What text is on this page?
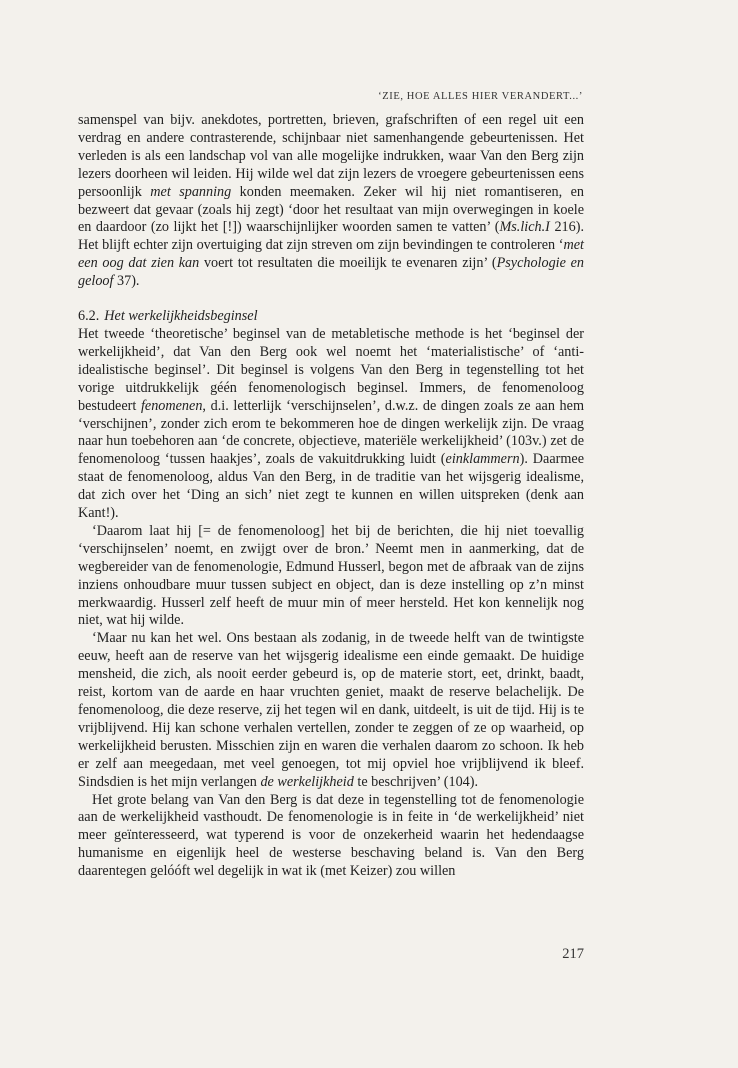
‘ZIE, HOE ALLES HIER VERANDERT...’

samenspel van bijv. anekdotes, portretten, brieven, grafschriften of een regel uit een verdrag en andere contrasterende, schijnbaar niet samenhangende gebeurtenissen. Het verleden is als een landschap vol van alle mogelijke indrukken, waar Van den Berg zijn lezers doorheen wil leiden. Hij wilde wel dat zijn lezers de vroegere gebeurtenissen eens persoonlijk met spanning konden meemaken. Zeker wil hij niet romantiseren, en bezweert dat gevaar (zoals hij zegt) ‘door het resultaat van mijn overwegingen in koele en daardoor (zo lijkt het [!]) waarschijnlijker woorden samen te vatten’ (Ms.lich.I 216). Het blijft echter zijn overtuiging dat zijn streven om zijn bevindingen te controleren ‘met een oog dat zien kan voert tot resultaten die moeilijk te evenaren zijn’ (Psychologie en geloof 37).

6.2. Het werkelijkheidsbeginsel

Het tweede ‘theoretische’ beginsel van de metabletische methode is het ‘beginsel der werkelijkheid’, dat Van den Berg ook wel noemt het ‘materialistische’ of ‘anti-idealistische beginsel’. Dit beginsel is volgens Van den Berg in tegenstelling tot het vorige uitdrukkelijk géén fenomenologisch beginsel. Immers, de fenomenoloog bestudeert fenomenen, d.i. letterlijk ‘verschijnselen’, d.w.z. de dingen zoals ze aan hem ‘verschijnen’, zonder zich erom te bekommeren hoe de dingen werkelijk zijn. De vraag naar hun toebehoren aan ‘de concrete, objectieve, materiële werkelijkheid’ (103v.) zet de fenomenoloog ‘tussen haakjes’, zoals de vakuitdrukking luidt (einklammern). Daarmee staat de fenomenoloog, aldus Van den Berg, in de traditie van het wijsgerig idealisme, dat zich over het ‘Ding an sich’ niet zegt te kunnen en willen uitspreken (denk aan Kant!).

‘Daarom laat hij [= de fenomenoloog] het bij de berichten, die hij niet toevallig ‘verschijnselen’ noemt, en zwijgt over de bron.’ Neemt men in aanmerking, dat de wegbereider van de fenomenologie, Edmund Husserl, begon met de afbraak van de zijns inziens onhoudbare muur tussen subject en object, dan is deze instelling op z’n minst merkwaardig. Husserl zelf heeft de muur min of meer hersteld. Het kon kennelijk nog niet, wat hij wilde.

‘Maar nu kan het wel. Ons bestaan als zodanig, in de tweede helft van de twintigste eeuw, heeft aan de reserve van het wijsgerig idealisme een einde gemaakt. De huidige mensheid, die zich, als nooit eerder gebeurd is, op de materie stort, eet, drinkt, baadt, reist, kortom van de aarde en haar vruchten geniet, maakt de reserve belachelijk. De fenomenoloog, die deze reserve, zij het tegen wil en dank, uitdeelt, is uit de tijd. Hij is te vrijblijvend. Hij kan schone verhalen vertellen, zonder te zeggen of ze op waarheid, op werkelijkheid berusten. Misschien zijn en waren die verhalen daarom zo schoon. Ik heb er zelf aan meegedaan, met veel genoegen, tot mij opviel hoe vrijblijvend ik bleef. Sindsdien is het mijn verlangen de werkelijkheid te beschrijven’ (104).

Het grote belang van Van den Berg is dat deze in tegenstelling tot de fenomenologie aan de werkelijkheid vasthoudt. De fenomenologie is in feite in ‘de werkelijkheid’ niet meer geïnteresseerd, wat typerend is voor de onzekerheid waarin het hedendaagse humanisme en eigenlijk heel de westerse beschaving beland is. Van den Berg daarentegen gelóóft wel degelijk in wat ik (met Keizer) zou willen

217
